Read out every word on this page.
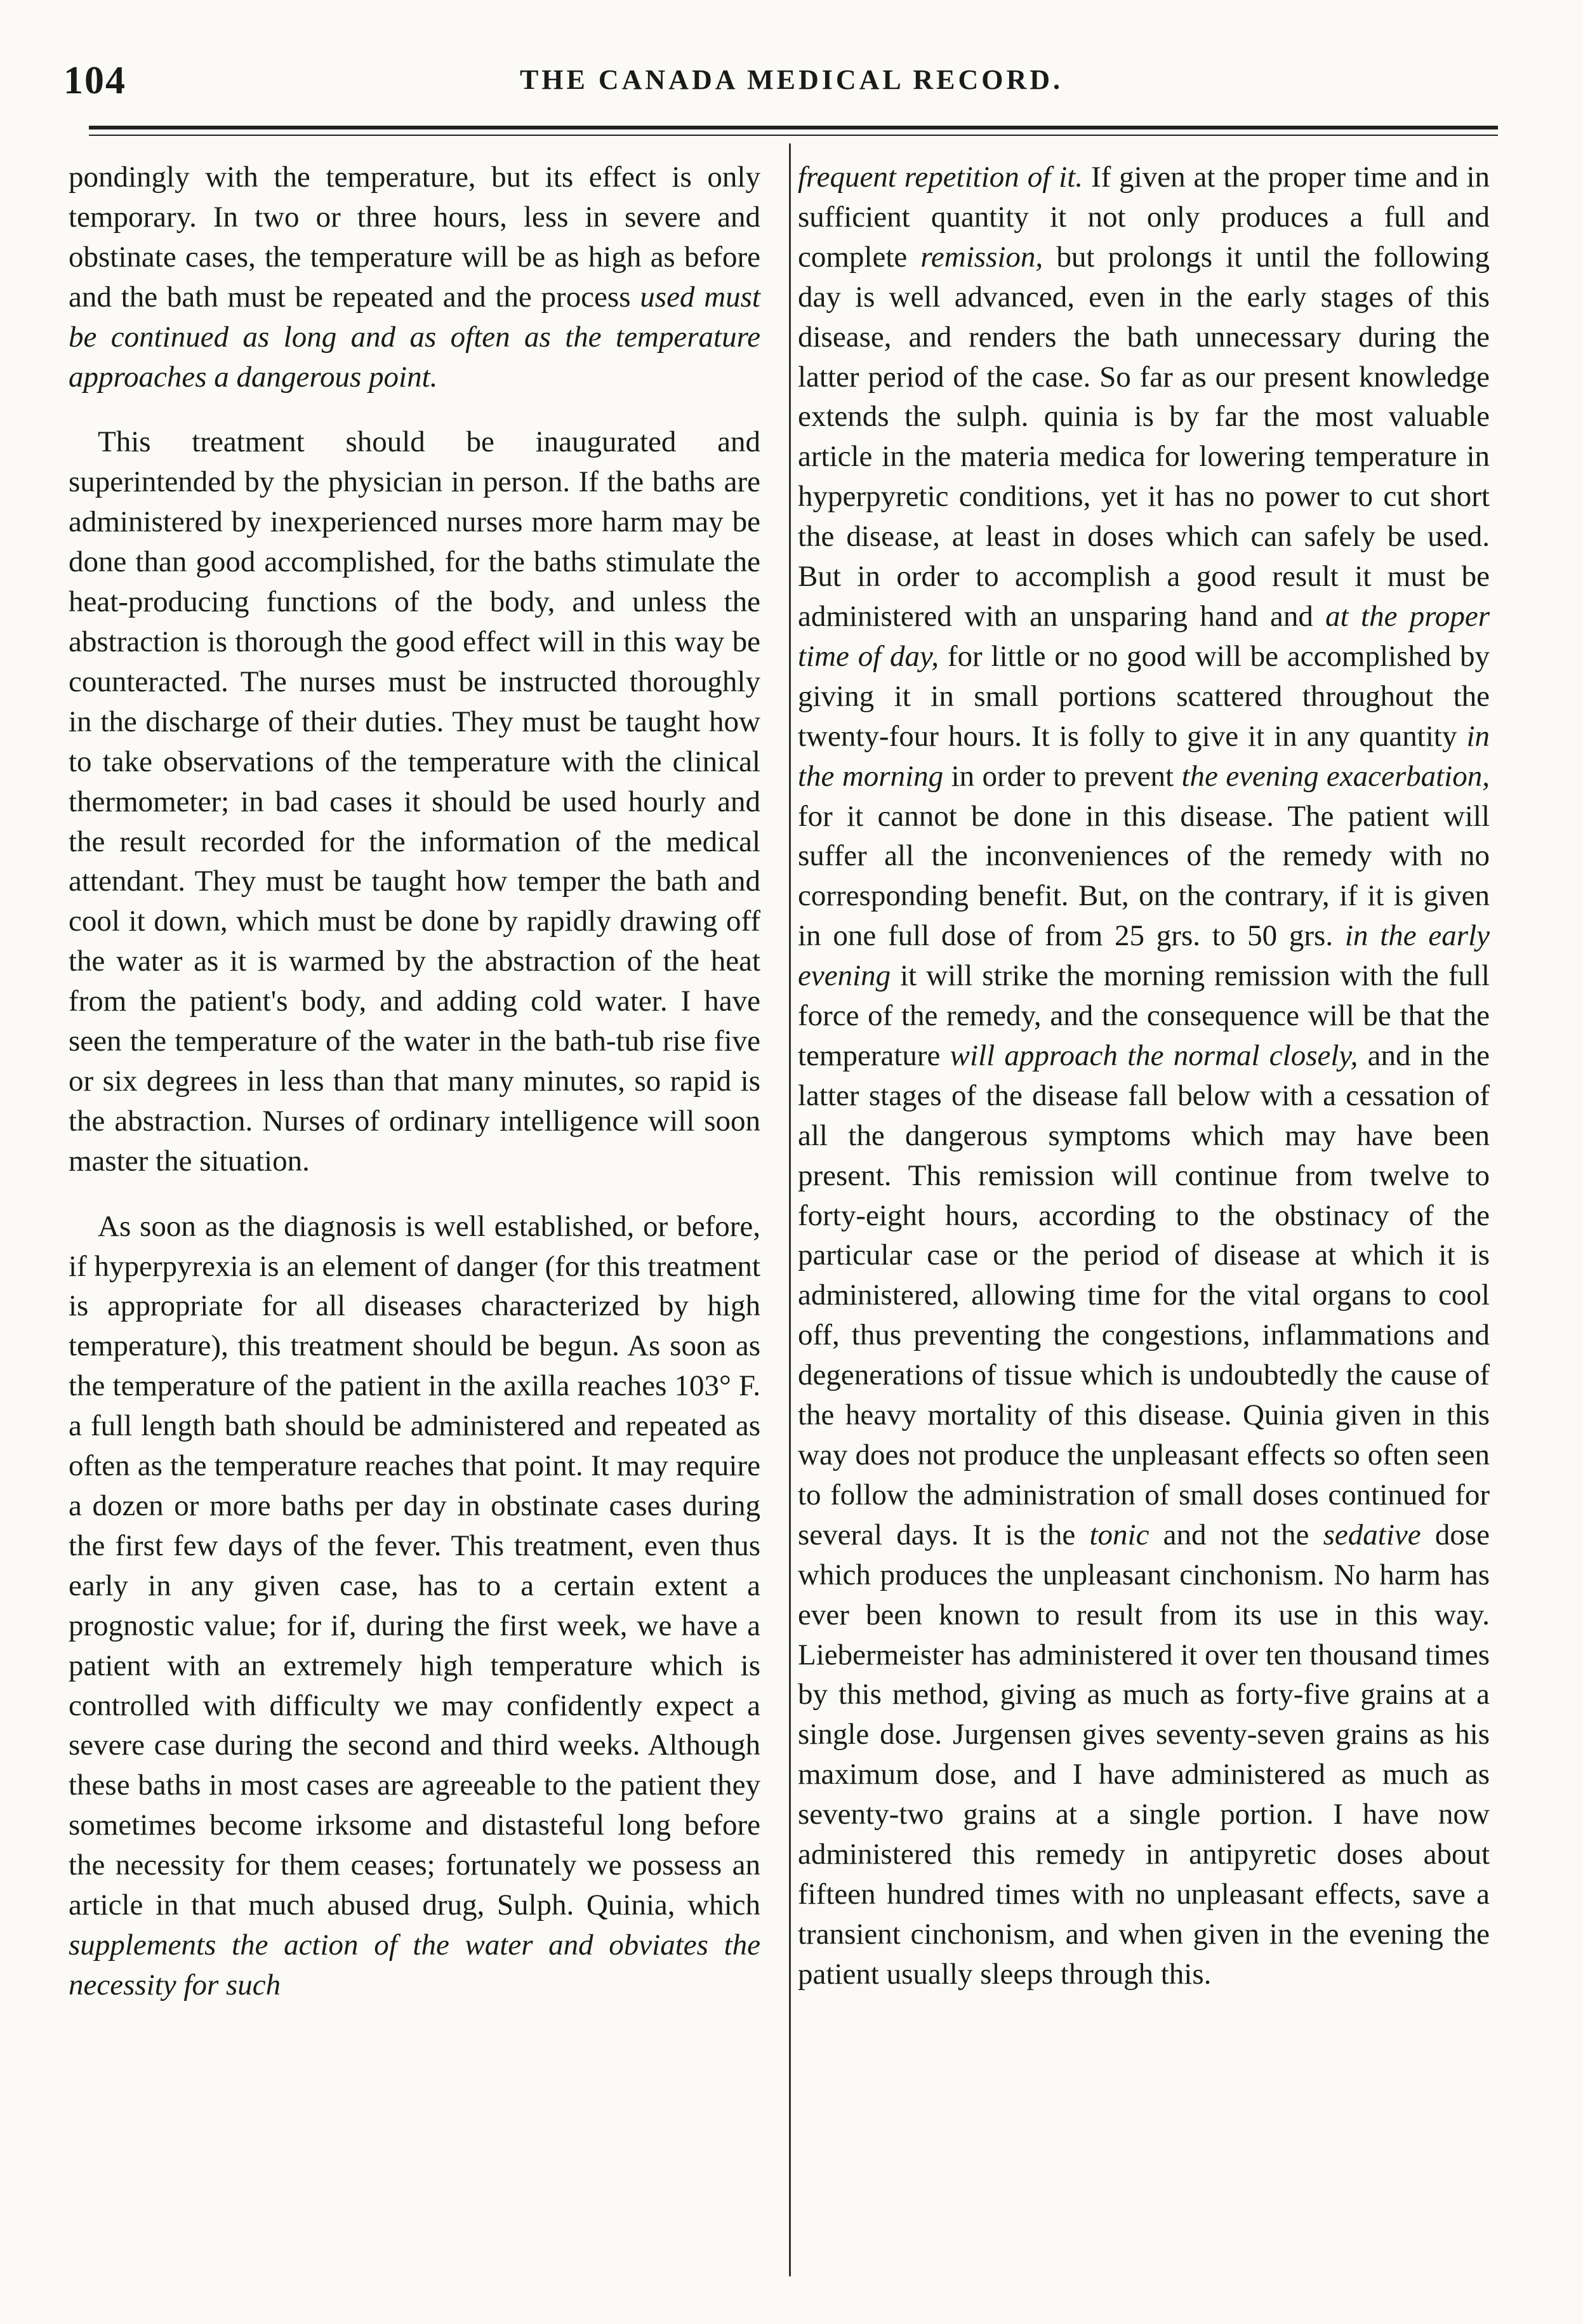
104	THE CANADA MEDICAL RECORD.

pondingly with the temperature, but its effect is only temporary. In two or three hours, less in severe and obstinate cases, the temperature will be as high as before and the bath must be repeated and the process used must be continued as long and as often as the temperature approaches a dangerous point.

This treatment should be inaugurated and superintended by the physician in person. If the baths are administered by inexperienced nurses more harm may be done than good accomplished, for the baths stimulate the heat-producing functions of the body, and unless the abstraction is thorough the good effect will in this way be counteracted. The nurses must be instructed thoroughly in the discharge of their duties. They must be taught how to take observations of the temperature with the clinical thermometer; in bad cases it should be used hourly and the result recorded for the information of the medical attendant. They must be taught how temper the bath and cool it down, which must be done by rapidly drawing off the water as it is warmed by the abstraction of the heat from the patient's body, and adding cold water. I have seen the temperature of the water in the bath-tub rise five or six degrees in less than that many minutes, so rapid is the abstraction. Nurses of ordinary intelligence will soon master the situation.

As soon as the diagnosis is well established, or before, if hyperpyrexia is an element of danger (for this treatment is appropriate for all diseases characterized by high temperature), this treatment should be begun. As soon as the temperature of the patient in the axilla reaches 103° F. a full length bath should be administered and repeated as often as the temperature reaches that point. It may require a dozen or more baths per day in obstinate cases during the first few days of the fever. This treatment, even thus early in any given case, has to a certain extent a prognostic value; for if, during the first week, we have a patient with an extremely high temperature which is controlled with difficulty we may confidently expect a severe case during the second and third weeks. Although these baths in most cases are agreeable to the patient they sometimes become irksome and distasteful long before the necessity for them ceases; fortunately we possess an article in that much abused drug, Sulph. Quinia, which supplements the action of the water and obviates the necessity for such

frequent repetition of it. If given at the proper time and in sufficient quantity it not only produces a full and complete remission, but prolongs it until the following day is well advanced, even in the early stages of this disease, and renders the bath unnecessary during the latter period of the case. So far as our present knowledge extends the sulph. quinia is by far the most valuable article in the materia medica for lowering temperature in hyperpyretic conditions, yet it has no power to cut short the disease, at least in doses which can safely be used. But in order to accomplish a good result it must be administered with an unsparing hand and at the proper time of day, for little or no good will be accomplished by giving it in small portions scattered throughout the twenty-four hours. It is folly to give it in any quantity in the morning in order to prevent the evening exacerbation, for it cannot be done in this disease. The patient will suffer all the inconveniences of the remedy with no corresponding benefit. But, on the contrary, if it is given in one full dose of from 25 grs. to 50 grs. in the early evening it will strike the morning remission with the full force of the remedy, and the consequence will be that the temperature will approach the normal closely, and in the latter stages of the disease fall below with a cessation of all the dangerous symptoms which may have been present. This remission will continue from twelve to forty-eight hours, according to the obstinacy of the particular case or the period of disease at which it is administered, allowing time for the vital organs to cool off, thus preventing the congestions, inflammations and degenerations of tissue which is undoubtedly the cause of the heavy mortality of this disease. Quinia given in this way does not produce the unpleasant effects so often seen to follow the administration of small doses continued for several days. It is the tonic and not the sedative dose which produces the unpleasant cinchonism. No harm has ever been known to result from its use in this way. Liebermeister has administered it over ten thousand times by this method, giving as much as forty-five grains at a single dose. Jurgensen gives seventy-seven grains as his maximum dose, and I have administered as much as seventy-two grains at a single portion. I have now administered this remedy in antipyretic doses about fifteen hundred times with no unpleasant effects, save a transient cinchonism, and when given in the evening the patient usually sleeps through this.
